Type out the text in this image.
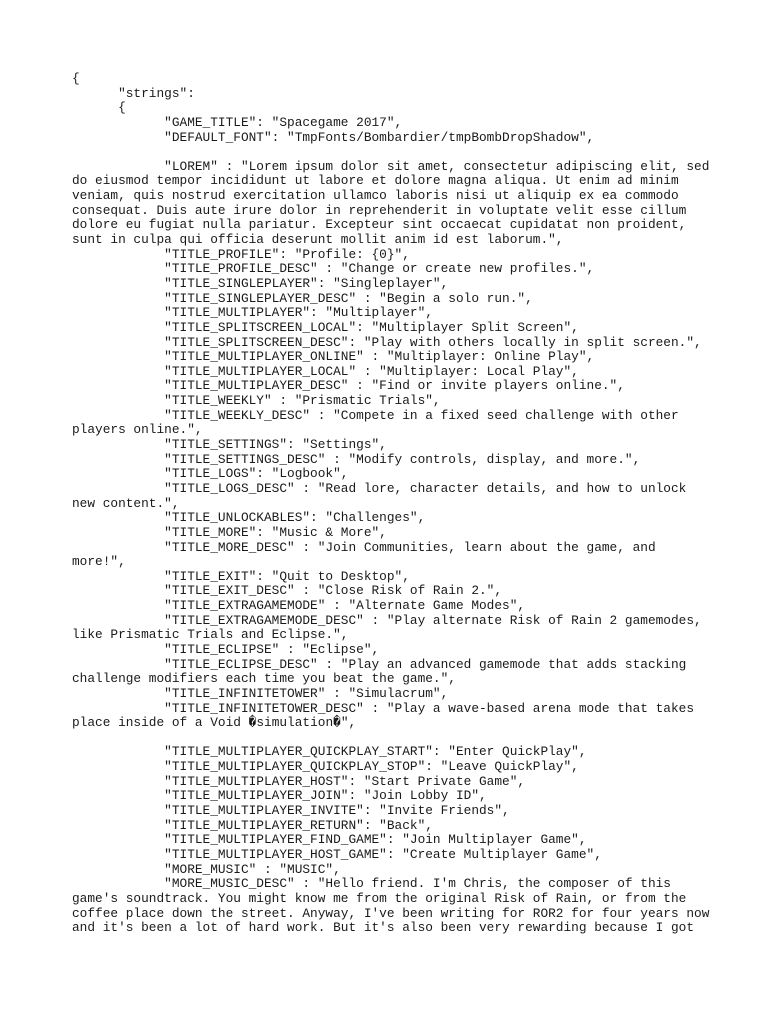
{
"strings":
{
"GAME_TITLE": "Spacegame 2017",
"DEFAULT_FONT": "TmpFonts/Bombardier/tmpBombDropShadow",
"LOREM" : "Lorem ipsum dolor sit amet, consectetur adipiscing elit, sed
do eiusmod tempor incididunt ut labore et dolore magna aliqua. Ut enim ad minim
veniam, quis nostrud exercitation ullamco laboris nisi ut aliquip ex ea commodo
consequat. Duis aute irure dolor in reprehenderit in voluptate velit esse cillum
dolore eu fugiat nulla pariatur. Excepteur sint occaecat cupidatat non proident,
sunt in culpa qui officia deserunt mollit anim id est laborum.",
"TITLE_PROFILE": "Profile: {0}",
"TITLE_PROFILE_DESC" : "Change or create new profiles.",
"TITLE_SINGLEPLAYER": "Singleplayer",
"TITLE_SINGLEPLAYER_DESC" : "Begin a solo run.",
"TITLE_MULTIPLAYER": "Multiplayer",
"TITLE_SPLITSCREEN_LOCAL": "Multiplayer Split Screen",
"TITLE_SPLITSCREEN_DESC": "Play with others locally in split screen.",
"TITLE_MULTIPLAYER_ONLINE" : "Multiplayer: Online Play",
"TITLE_MULTIPLAYER_LOCAL" : "Multiplayer: Local Play",
"TITLE_MULTIPLAYER_DESC" : "Find or invite players online.",
"TITLE_WEEKLY" : "Prismatic Trials",
"TITLE_WEEKLY_DESC" : "Compete in a fixed seed challenge with other
players online.",
"TITLE_SETTINGS": "Settings",
"TITLE_SETTINGS_DESC" : "Modify controls, display, and more.",
"TITLE_LOGS": "Logbook",
"TITLE_LOGS_DESC" : "Read lore, character details, and how to unlock
new content.",
"TITLE_UNLOCKABLES": "Challenges",
"TITLE_MORE": "Music & More",
"TITLE_MORE_DESC" : "Join Communities, learn about the game, and
more!",
"TITLE_EXIT": "Quit to Desktop",
"TITLE_EXIT_DESC" : "Close Risk of Rain 2.",
"TITLE_EXTRAGAMEMODE" : "Alternate Game Modes",
"TITLE_EXTRAGAMEMODE_DESC" : "Play alternate Risk of Rain 2 gamemodes,
like Prismatic Trials and Eclipse.",
"TITLE_ECLIPSE" : "Eclipse",
"TITLE_ECLIPSE_DESC" : "Play an advanced gamemode that adds stacking
challenge modifiers each time you beat the game.",
"TITLE_INFINITETOWER" : "Simulacrum",
"TITLE_INFINITETOWER_DESC" : "Play a wave-based arena mode that takes
place inside of a Void �simulation�",
"TITLE_MULTIPLAYER_QUICKPLAY_START": "Enter QuickPlay",
"TITLE_MULTIPLAYER_QUICKPLAY_STOP": "Leave QuickPlay",
"TITLE_MULTIPLAYER_HOST": "Start Private Game",
"TITLE_MULTIPLAYER_JOIN": "Join Lobby ID",
"TITLE_MULTIPLAYER_INVITE": "Invite Friends",
"TITLE_MULTIPLAYER_RETURN": "Back",
"TITLE_MULTIPLAYER_FIND_GAME": "Join Multiplayer Game",
"TITLE_MULTIPLAYER_HOST_GAME": "Create Multiplayer Game",
"MORE_MUSIC" : "MUSIC",
"MORE_MUSIC_DESC" : "Hello friend. I'm Chris, the composer of this
game's soundtrack. You might know me from the original Risk of Rain, or from the
coffee place down the street. Anyway, I've been writing for ROR2 for four years now
and it's been a lot of hard work. But it's also been very rewarding because I got
